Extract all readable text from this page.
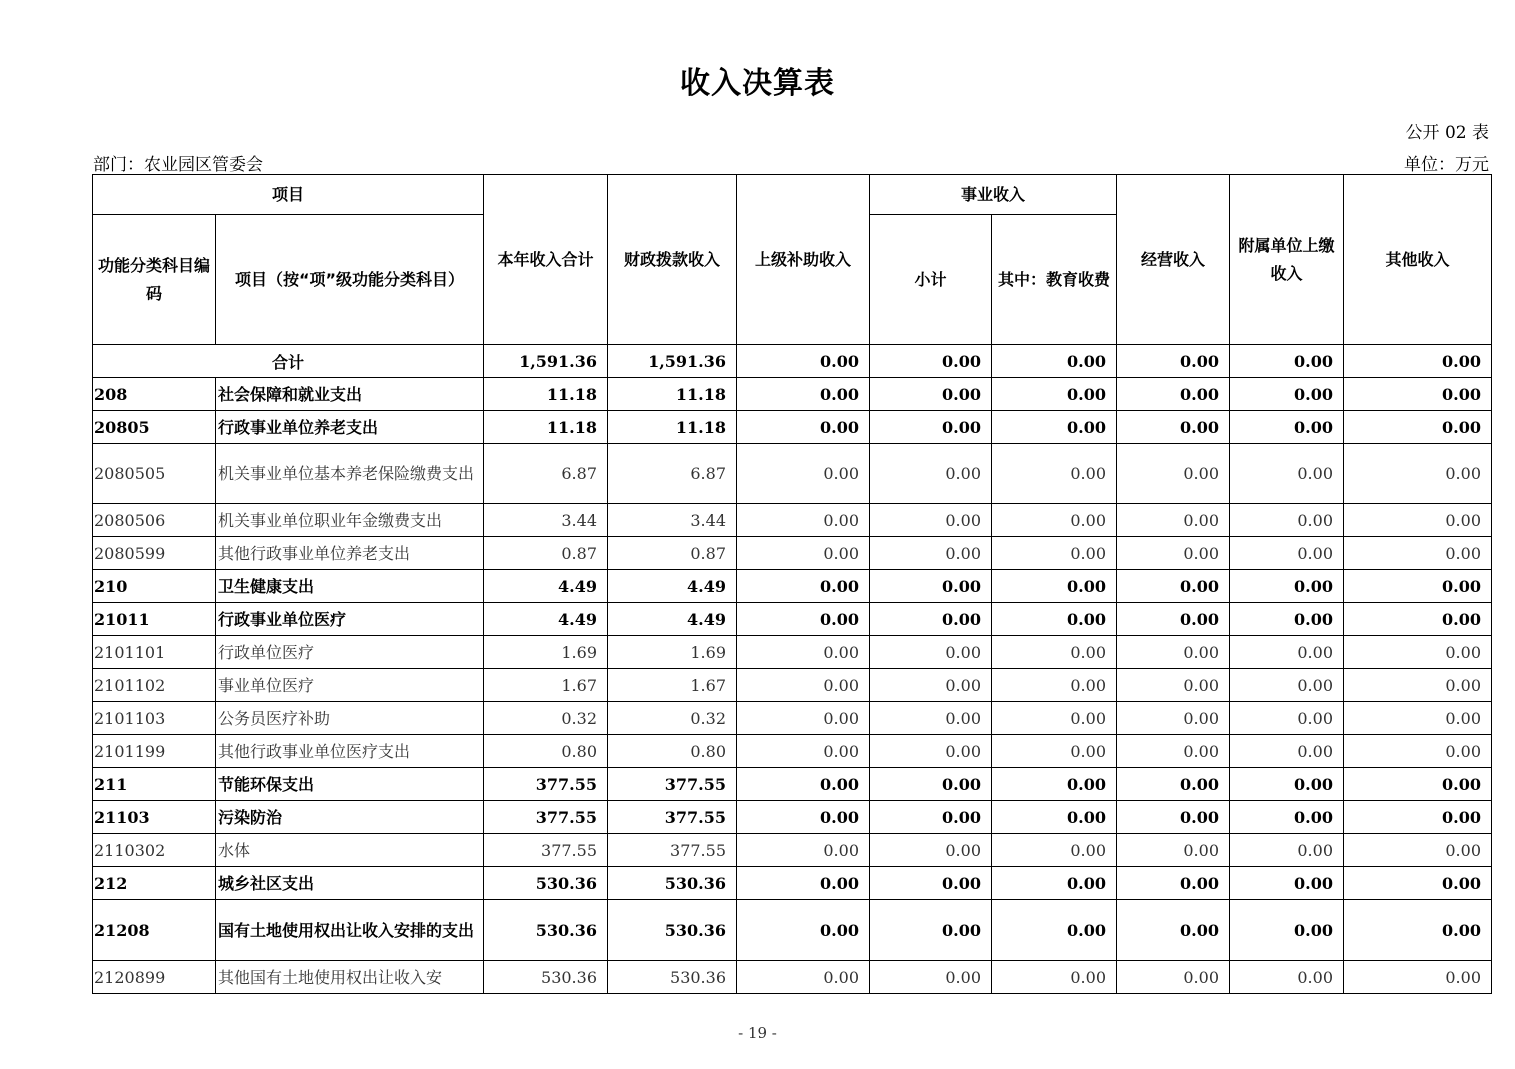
收入决算表
公开 02 表
部门：农业园区管委会	单位：万元
项目		本年收入合计	财政拨款收入	上级补助收入	事业收入		经营收入	附属单位上缴收入	其他收入
功能分类科目编码	项目（按“项”级功能分类科目）				小计	其中：教育收费			
合计		1,591.36	1,591.36	0.00	0.00	0.00	0.00	0.00	0.00
208	社会保障和就业支出	11.18	11.18	0.00	0.00	0.00	0.00	0.00	0.00
20805	行政事业单位养老支出	11.18	11.18	0.00	0.00	0.00	0.00	0.00	0.00
2080505	机关事业单位基本养老保险缴费支出	6.87	6.87	0.00	0.00	0.00	0.00	0.00	0.00
2080506	机关事业单位职业年金缴费支出	3.44	3.44	0.00	0.00	0.00	0.00	0.00	0.00
2080599	其他行政事业单位养老支出	0.87	0.87	0.00	0.00	0.00	0.00	0.00	0.00
210	卫生健康支出	4.49	4.49	0.00	0.00	0.00	0.00	0.00	0.00
21011	行政事业单位医疗	4.49	4.49	0.00	0.00	0.00	0.00	0.00	0.00
2101101	行政单位医疗	1.69	1.69	0.00	0.00	0.00	0.00	0.00	0.00
2101102	事业单位医疗	1.67	1.67	0.00	0.00	0.00	0.00	0.00	0.00
2101103	公务员医疗补助	0.32	0.32	0.00	0.00	0.00	0.00	0.00	0.00
2101199	其他行政事业单位医疗支出	0.80	0.80	0.00	0.00	0.00	0.00	0.00	0.00
211	节能环保支出	377.55	377.55	0.00	0.00	0.00	0.00	0.00	0.00
21103	污染防治	377.55	377.55	0.00	0.00	0.00	0.00	0.00	0.00
2110302	水体	377.55	377.55	0.00	0.00	0.00	0.00	0.00	0.00
212	城乡社区支出	530.36	530.36	0.00	0.00	0.00	0.00	0.00	0.00
21208	国有土地使用权出让收入安排的支出	530.36	530.36	0.00	0.00	0.00	0.00	0.00	0.00
2120899	其他国有土地使用权出让收入安	530.36	530.36	0.00	0.00	0.00	0.00	0.00	0.00
- 19 -
